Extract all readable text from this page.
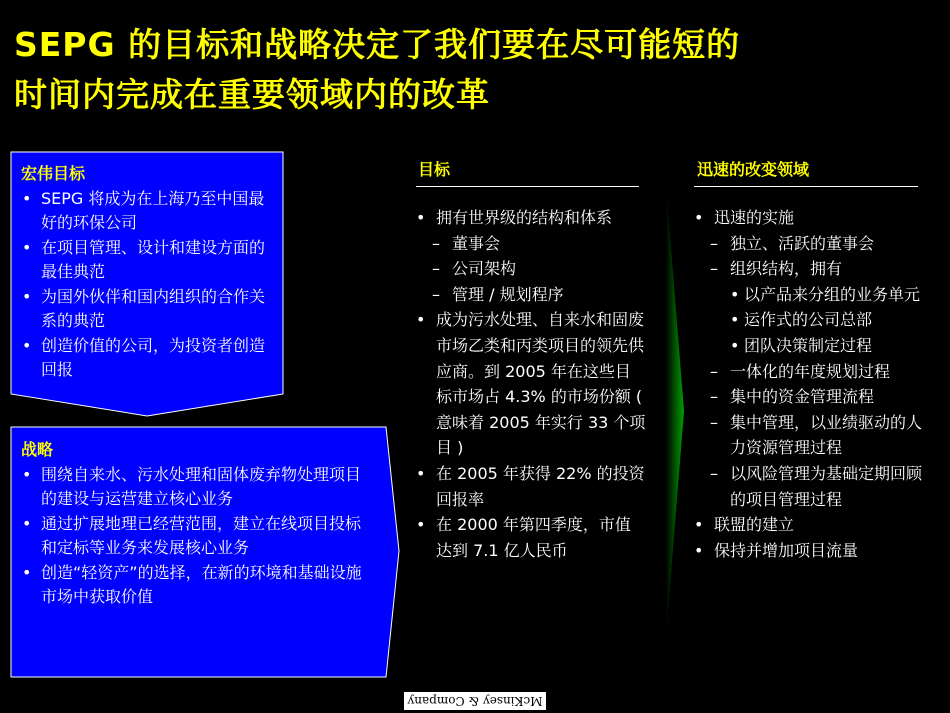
SEPG 的目标和战略决定了我们要在尽可能短的
时间内完成在重要领域内的改革
宏伟目标
• SEPG 将成为在上海乃至中国最好的环保公司
• 在项目管理、设计和建设方面的最佳典范
• 为国外伙伴和国内组织的合作关系的典范
• 创造价值的公司，为投资者创造回报
战略
• 围绕自来水、污水处理和固体废弃物处理项目的建设与运营建立核心业务
• 通过扩展地理已经营范围，建立在线项目投标和定标等业务来发展核心业务
• 创造“轻资产”的选择，在新的环境和基础设施市场中获取价值
目标
• 拥有世界级的结构和体系
– 董事会
– 公司架构
– 管理 / 规划程序
• 成为污水处理、自来水和固废市场乙类和丙类项目的领先供应商。到 2005 年在这些目标市场占 4.3% 的市场份额 ( 意味着 2005 年实行 33 个项目 )
• 在 2005 年获得 22% 的投资回报率
• 在 2000 年第四季度，市值达到 7.1 亿人民币
迅速的改变领域
• 迅速的实施
– 独立、活跃的董事会
– 组织结构，拥有
• 以产品来分组的业务单元
• 运作式的公司总部
• 团队决策制定过程
– 一体化的年度规划过程
– 集中的资金管理流程
– 集中管理，以业绩驱动的人力资源管理过程
– 以风险管理为基础定期回顾的项目管理过程
• 联盟的建立
• 保持并增加项目流量
McKinsey & Company
